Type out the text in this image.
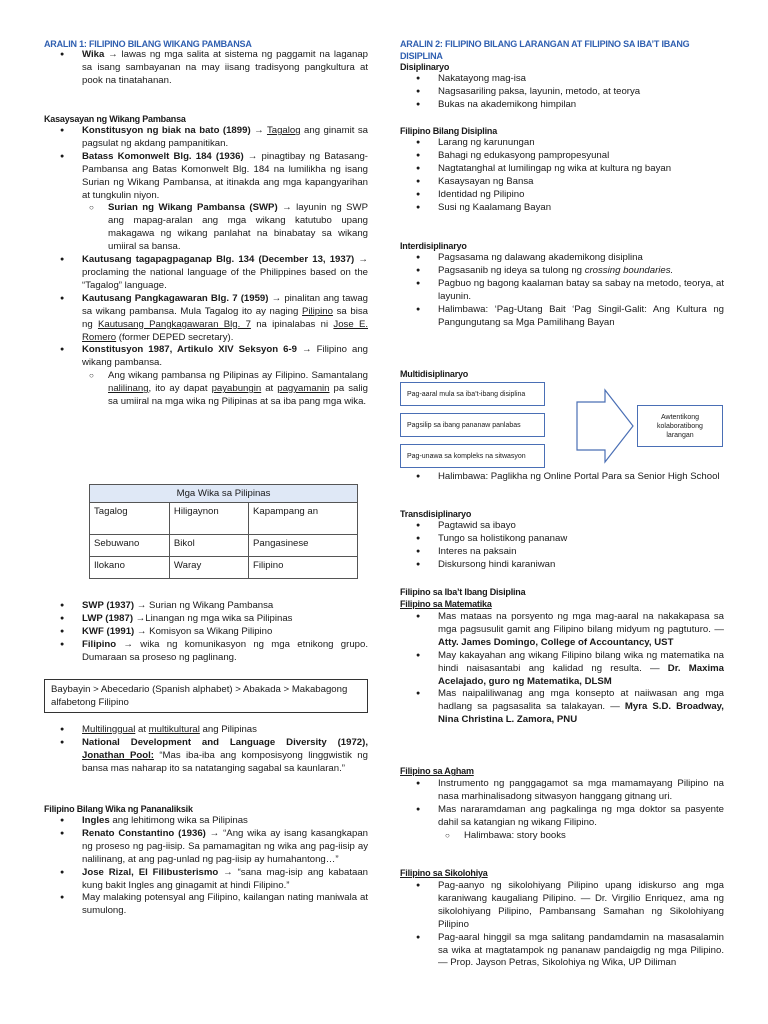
ARALIN 1: FILIPINO BILANG WIKANG PAMBANSA
● Wika → lawas ng mga salita at sistema ng paggamit na laganap sa isang sambayanan na may iisang tradisyong pangkultura at pook na tinatahanan.
Kasaysayan ng Wikang Pambansa
● Konstitusyon ng biak na bato (1899) → Tagalog ang ginamit sa pagsulat ng akdang pampanitikan.
● Batass Komonwelt Blg. 184 (1936) → pinagtibay ng Batasang-Pambansa ang Batas Komonwelt Blg. 184 na lumilikha ng isang Surian ng Wikang Pambansa, at itinakda ang mga kapangyarihan at tungkulin niyon.
○ Surian ng Wikang Pambansa (SWP) → layunin ng SWP ang mapag-aralan ang mga wikang katutubo upang makagawa ng wikang panlahat na binabatay sa wikang umiiral sa bansa.
● Kautusang tagapagpaganap Blg. 134 (December 13, 1937) → proclaming the national language of the Philippines based on the “Tagalog” language.
● Kautusang Pangkagawaran Blg. 7 (1959) → pinalitan ang tawag sa wikang pambansa. Mula Tagalog ito ay naging Pilipino sa bisa ng Kautusang Pangkagawaran Blg. 7 na ipinalabas ni Jose E. Romero (former DEPED secretary).
● Konstitusyon 1987, Artikulo XIV Seksyon 6-9 → Filipino ang wikang pambansa.
○ Ang wikang pambansa ng Pilipinas ay Filipino. Samantalang nalilinang, ito ay dapat payabungin at pagyamanin pa salig sa umiiral na mga wika ng Pilipinas at sa iba pang mga wika.
Mga Wika sa Pilipinas		
Tagalog	Hiligaynon	Kapampang an
Sebuwano	Bikol	Pangasinese
Ilokano	Waray	Filipino
● SWP (1937) → Surian ng Wikang Pambansa
● LWP (1987) →Linangan ng mga wika sa Pilipinas
● KWF (1991) → Komisyon sa Wikang Pilipino
● Filipino → wika ng komunikasyon ng mga etnikong grupo. Dumaraan sa proseso ng paglinang.
Baybayin > Abecedario (Spanish alphabet) > Abakada > Makabagong alfabetong Filipino
● Multilinggual at multikultural ang Pilipinas
● National Development and Language Diversity (1972), Jonathan Pool: “Mas iba-iba ang komposisyong linggwistik ng bansa mas naharap ito sa natatanging sagabal sa kaunlaran.”
Filipino Bilang Wika ng Pananaliksik
● Ingles ang lehitimong wika sa Pilipinas
● Renato Constantino (1936) → “Ang wika ay isang kasangkapan ng proseso ng pag-iisip. Sa pamamagitan ng wika ang pag-iisip ay nalilinang, at ang pag-unlad ng pag-iisip ay humahantong…”
● Jose Rizal, El Filibusterismo → “sana mag-isip ang kabataan kung bakit Ingles ang ginagamit at hindi Filipino.”
● May malaking potensyal ang Filipino, kailangan nating maniwala at sumulong.
ARALIN 2: FILIPINO BILANG LARANGAN AT FILIPINO SA IBA’T IBANG DISIPLINA
Disiplinaryo
● Nakatayong mag-isa
● Nagsasariling paksa, layunin, metodo, at teorya
● Bukas na akademikong himpilan
Filipino Bilang Disiplina
● Larang ng karunungan
● Bahagi ng edukasyong pampropesyunal
● Nagtatanghal at lumilingap ng wika at kultura ng bayan
● Kasaysayan ng Bansa
● Identidad ng Pilipino
● Susi ng Kaalamang Bayan
Interdisiplinaryo
● Pagsasama ng dalawang akademikong disiplina
● Pagsasanib ng ideya sa tulong ng crossing boundaries.
● Pagbuo ng bagong kaalaman batay sa sabay na metodo, teorya, at layunin.
● Halimbawa: ‘Pag-Utang Bait ‘Pag Singil-Galit: Ang Kultura ng Pangungutang sa Mga Pamilihang Bayan
Multidisiplinaryo
Pag-aaral mula sa iba’t-ibang disiplina
Pagsilip sa ibang pananaw panlabas
Pag-unawa sa kompleks na sitwasyon
Awtentikong kolaboratibong larangan
● Halimbawa: Paglikha ng Online Portal Para sa Senior High School
Transdisiplinaryo
● Pagtawid sa ibayo
● Tungo sa holistikong pananaw
● Interes na paksain
● Diskursong hindi karaniwan
Filipino sa Iba’t Ibang Disiplina
Filipino sa Matematika
● Mas mataas na porsyento ng mga mag-aaral na nakakapasa sa mga pagsusulit gamit ang Filipino bilang midyum ng pagtuturo. — Atty. James Domingo, College of Accountancy, UST
● May kakayahan ang wikang Filipino bilang wika ng matematika na hindi naisasantabi ang kalidad ng resulta. — Dr. Maxima Acelajado, guro ng Matematika, DLSM
● Mas naipaliliwanag ang mga konsepto at naiiwasan ang mga hadlang sa pagsasalita sa talakayan. — Myra S.D. Broadway, Nina Christina L. Zamora, PNU
Filipino sa Agham
● Instrumento ng panggagamot sa mga mamamayang Pilipino na nasa marhinalisadong sitwasyon hanggang gitnang uri.
● Mas nararamdaman ang pagkalinga ng mga doktor sa pasyente dahil sa katangian ng wikang Filipino.
○ Halimbawa: story books
Filipino sa Sikolohiya
● Pag-aanyo ng sikolohiyang Pilipino upang idiskurso ang mga karaniwang kaugaliang Pilipino. — Dr. Virgilio Enriquez, ama ng sikolohiyang Pilipino, Pambansang Samahan ng Sikolohiyang Pilipino
● Pag-aaral hinggil sa mga salitang pandamdamin na masasalamin sa wika at magtatampok ng pananaw pandaigdig ng mga Pilipino. — Prop. Jayson Petras, Sikolohiya ng Wika, UP Diliman
